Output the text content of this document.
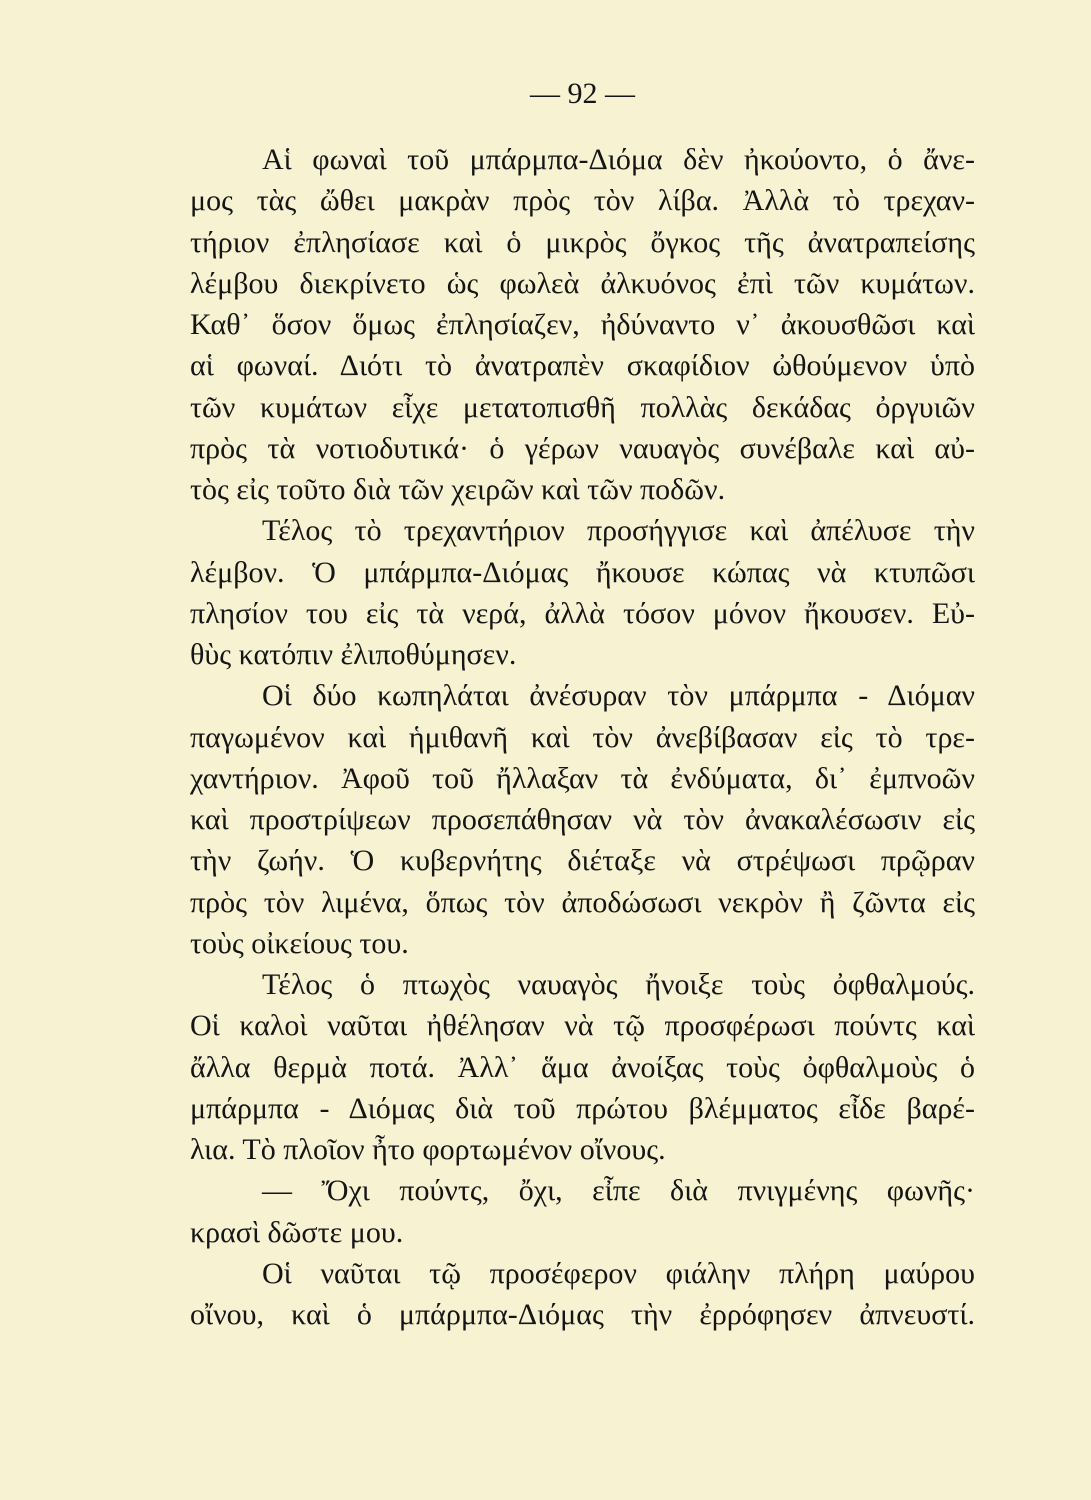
— 92 —
Αἱ φωναὶ τοῦ μπάρμπα-Διόμα δὲν ἠκούοντο, ὁ ἄνε-
μος τὰς ὤθει μακρὰν πρὸς τὸν λίβα. Ἀλλὰ τὸ τρεχαν-
τήριον ἐπλησίασε καὶ ὁ μικρὸς ὄγκος τῆς ἀνατραπείσης
λέμβου διεκρίνετο ὡς φωλεὰ ἀλκυόνος ἐπὶ τῶν κυμάτων.
Καθ᾿ ὅσον ὅμως ἐπλησίαζεν, ἠδύναντο ν᾿ ἀκουσθῶσι καὶ
αἱ φωναί. Διότι τὸ ἀνατραπὲν σκαφίδιον ὠθούμενον ὑπὸ
τῶν κυμάτων εἶχε μετατοπισθῆ πολλὰς δεκάδας ὀργυιῶν
πρὸς τὰ νοτιοδυτικά· ὁ γέρων ναυαγὸς συνέβαλε καὶ αὐ-
τὸς εἰς τοῦτο διὰ τῶν χειρῶν καὶ τῶν ποδῶν.
Τέλος τὸ τρεχαντήριον προσήγγισε καὶ ἀπέλυσε τὴν
λέμβον. Ὁ μπάρμπα-Διόμας ἤκουσε κώπας νὰ κτυπῶσι
πλησίον του εἰς τὰ νερά, ἀλλὰ τόσον μόνον ἤκουσεν. Εὐ-
θὺς κατόπιν ἐλιποθύμησεν.
Οἱ δύο κωπηλάται ἀνέσυραν τὸν μπάρμπα - Διόμαν
παγωμένον καὶ ἡμιθανῆ καὶ τὸν ἀνεβίβασαν εἰς τὸ τρε-
χαντήριον. Ἀφοῦ τοῦ ἤλλαξαν τὰ ἐνδύματα, δι᾿ ἐμπνοῶν
καὶ προστρίψεων προσεπάθησαν νὰ τὸν ἀνακαλέσωσιν εἰς
τὴν ζωήν. Ὁ κυβερνήτης διέταξε νὰ στρέψωσι πρῷραν
πρὸς τὸν λιμένα, ὅπως τὸν ἀποδώσωσι νεκρὸν ἢ ζῶντα εἰς
τοὺς οἰκείους του.
Τέλος ὁ πτωχὸς ναυαγὸς ἤνοιξε τοὺς ὀφθαλμούς.
Οἱ καλοὶ ναῦται ἠθέλησαν νὰ τῷ προσφέρωσι πούντς καὶ
ἄλλα θερμὰ ποτά. Ἀλλ᾿ ἅμα ἀνοίξας τοὺς ὀφθαλμοὺς ὁ
μπάρμπα - Διόμας διὰ τοῦ πρώτου βλέμματος εἶδε βαρέ-
λια. Τὸ πλοῖον ἦτο φορτωμένον οἴνους.
— Ὄχι πούντς, ὄχι, εἶπε διὰ πνιγμένης φωνῆς·
κρασὶ δῶστε μου.
Οἱ ναῦται τῷ προσέφερον φιάλην πλήρη μαύρου
οἴνου, καὶ ὁ μπάρμπα-Διόμας τὴν ἐρρόφησεν ἀπνευστί.
